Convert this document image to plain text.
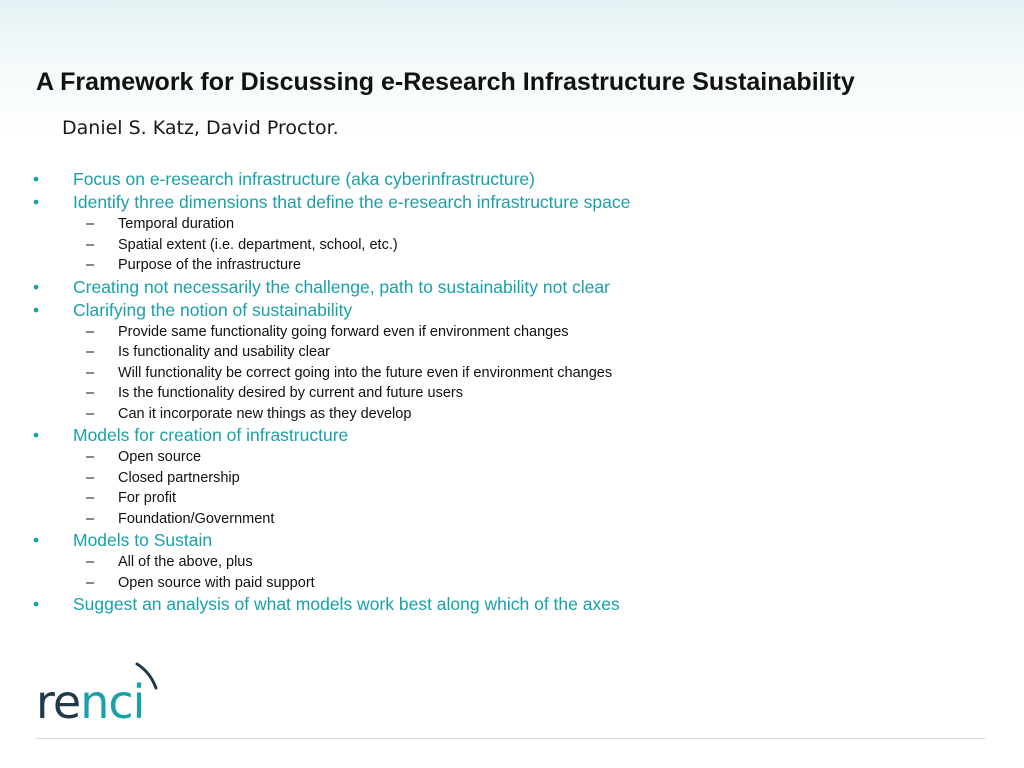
A Framework for Discussing e-Research Infrastructure Sustainability
Daniel S. Katz, David Proctor.
• Focus on e-research infrastructure (aka cyberinfrastructure)
• Identify three dimensions that define the e-research infrastructure space
– Temporal duration
– Spatial extent (i.e. department, school, etc.)
– Purpose of the infrastructure
• Creating not necessarily the challenge, path to sustainability not clear
• Clarifying the notion of sustainability
– Provide same functionality going forward even if environment changes
– Is functionality and usability clear
– Will functionality be correct going into the future even if environment changes
– Is the functionality desired by current and future users
– Can it incorporate new things as they develop
• Models for creation of infrastructure
– Open source
– Closed partnership
– For profit
– Foundation/Government
• Models to Sustain
– All of the above, plus
– Open source with paid support
• Suggest an analysis of what models work best along which of the axes
renci
